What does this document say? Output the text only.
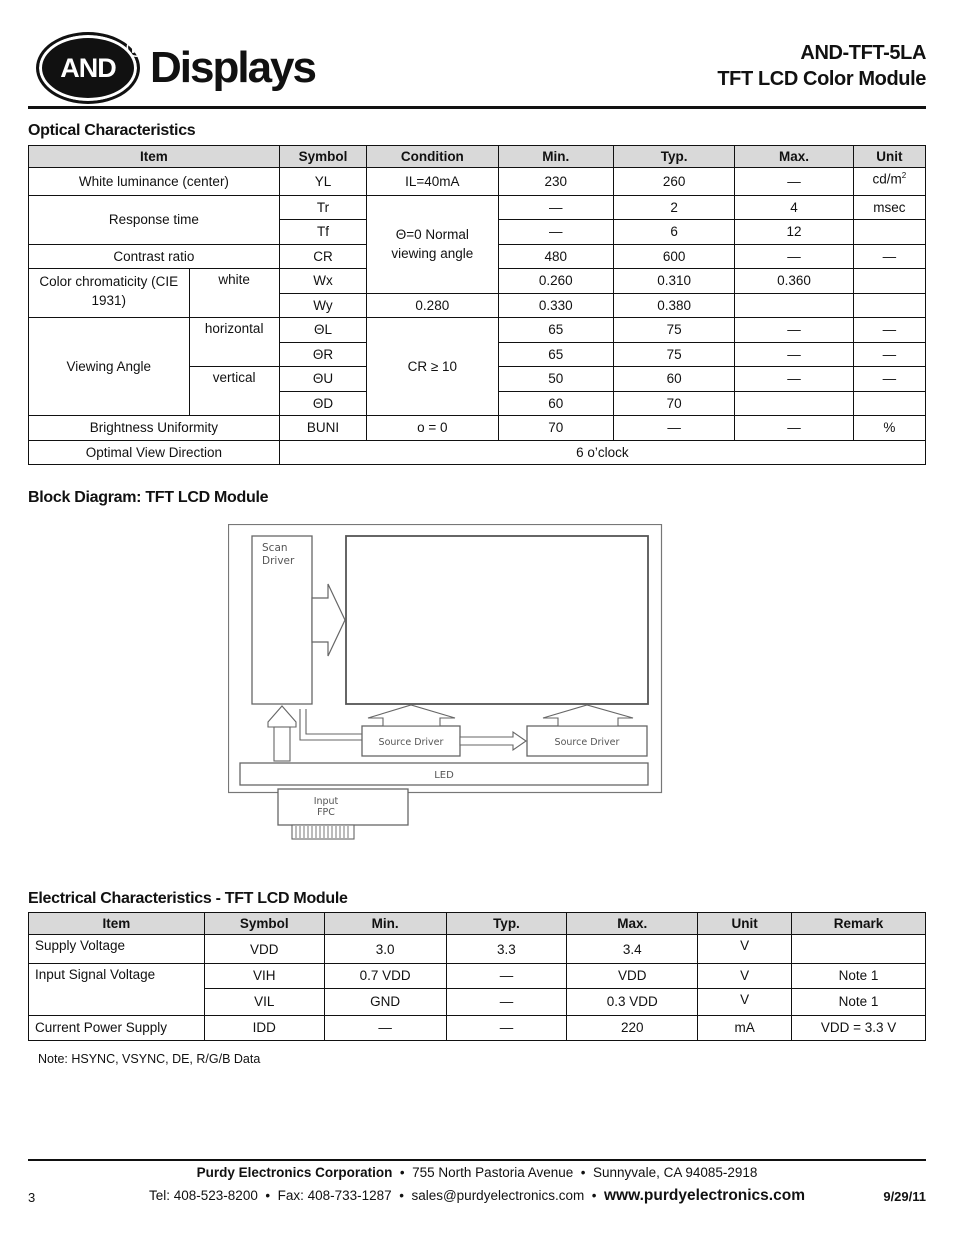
AND
® Displays	AND-TFT-5LA
TFT LCD Color Module
Optical Characteristics
Item		Symbol	Condition	Min.	Typ.	Max.	Unit
White luminance (center)		YL	IL=40mA	230	260	—	$cd/m^2$
Response time		Tr	Θ=0 Normal viewing angle	—	2	4	msec
		Tf		—	6	12	
Contrast ratio		CR		480	600	—	—
Color chromaticity (CIE 1931)	white	Wx		0.260	0.310	0.360	
		Wy	0.280	0.330	0.380		
Viewing Angle	horizontal	ΘL	CR ≥ 10	65	75	—	—
		ΘR		65	75	—	—
	vertical	ΘU		50	60	—	—
		ΘD		60	70		
Brightness Uniformity		BUNI	o = 0	70	—	—	%
Optimal View Direction		6 o’clock					
Block Diagram: TFT LCD Module
Scan
Driver
Source Driver	Source Driver
LED
Input
FPC
Electrical Characteristics - TFT LCD Module
Item	Symbol	Min.	Typ.	Max.	Unit	Remark
Supply Voltage	VDD	3.0	3.3	3.4	V	
Input Signal Voltage	VIH	0.7 VDD	—	VDD	V	Note 1
	VIL	GND	—	0.3 VDD	V	Note 1
Current Power Supply	IDD	—	—	220	mA	VDD = 3.3 V
Note: HSYNC, VSYNC, DE, R/G/B Data
Purdy Electronics Corporation • 755 North Pastoria Avenue • Sunnyvale, CA 94085-2918
Tel: 408-523-8200 • Fax: 408-733-1287 • sales@purdyelectronics.com • www.purdyelectronics.com
3	9/29/11
